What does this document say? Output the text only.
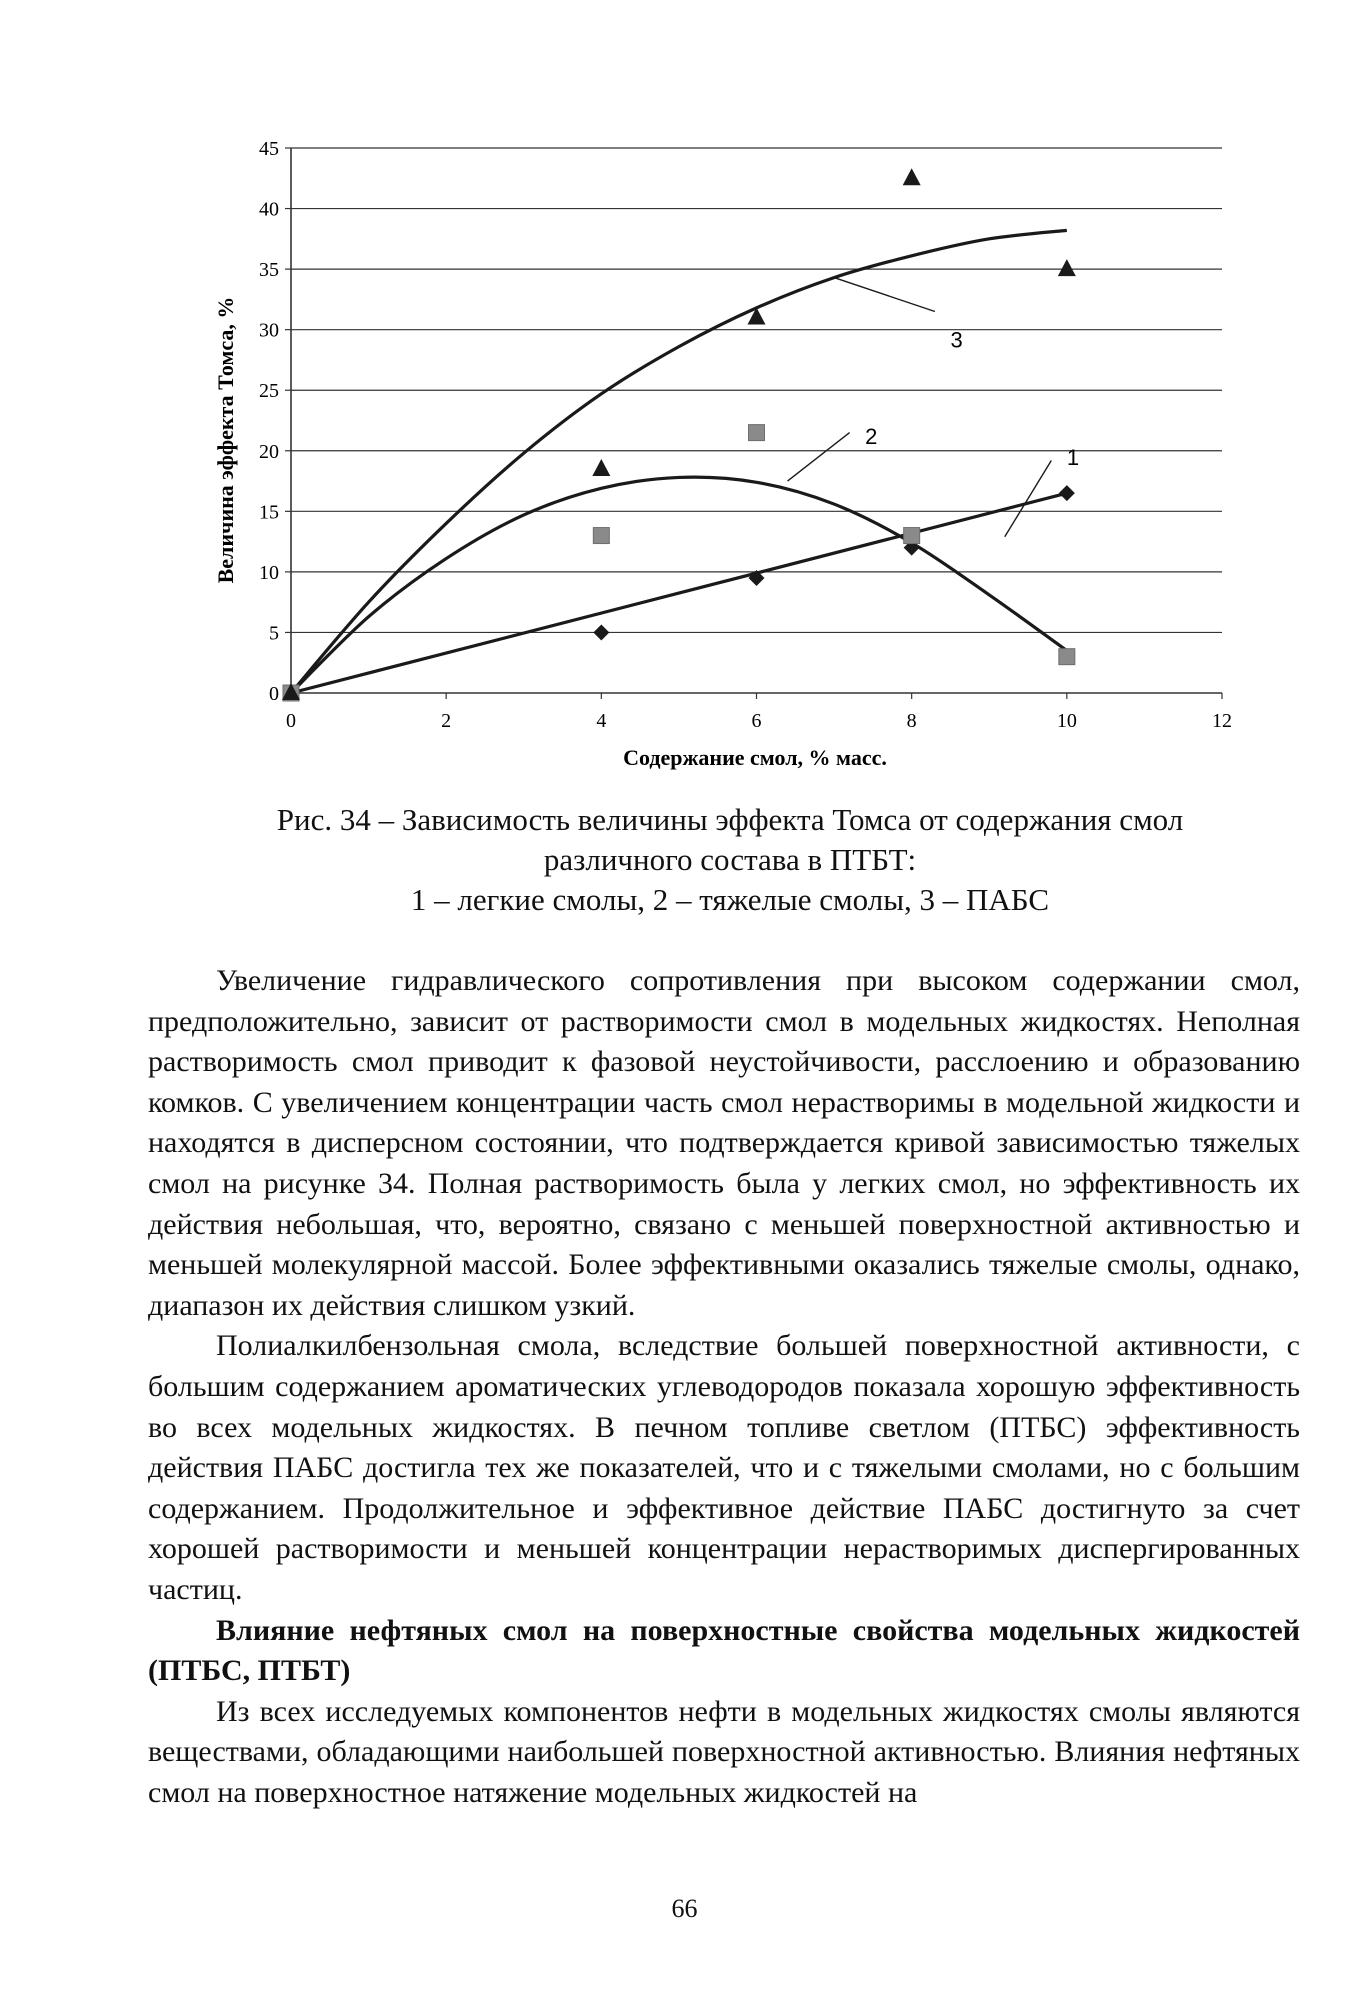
0
5
10
15
20
25
30
35
40
45
0	2	4	6	8	10	12
1
2
3
Содержание смол, % масс.
Величина эффекта Томса, %
Рис. 34 – Зависимость величины эффекта Томса от содержания смол
различного состава в ПТБТ:
1 – легкие смолы, 2 – тяжелые смолы, 3 – ПАБС

Увеличение гидравлического сопротивления при высоком содержании смол, предположительно, зависит от растворимости смол в модельных жидкостях. Неполная растворимость смол приводит к фазовой неустойчивости, расслоению и образованию комков. С увеличением концентрации часть смол нерастворимы в модельной жидкости и находятся в дисперсном состоянии, что подтверждается кривой зависимостью тяжелых смол на рисунке 34. Полная растворимость была у легких смол, но эффективность их действия небольшая, что, вероятно, связано с меньшей поверхностной активностью и меньшей молекулярной массой. Более эффективными оказались тяжелые смолы, однако, диапазон их действия слишком узкий.

Полиалкилбензольная смола, вследствие большей поверхностной активности, с большим содержанием ароматических углеводородов показала хорошую эффективность во всех модельных жидкостях. В печном топливе светлом (ПТБС) эффективность действия ПАБС достигла тех же показателей, что и с тяжелыми смолами, но с большим содержанием. Продолжительное и эффективное действие ПАБС достигнуто за счет хорошей растворимости и меньшей концентрации нерастворимых диспергированных частиц.

Влияние нефтяных смол на поверхностные свойства модельных жидкостей (ПТБС, ПТБТ)

Из всех исследуемых компонентов нефти в модельных жидкостях смолы являются веществами, обладающими наибольшей поверхностной активностью. Влияния нефтяных смол на поверхностное натяжение модельных жидкостей на

66
